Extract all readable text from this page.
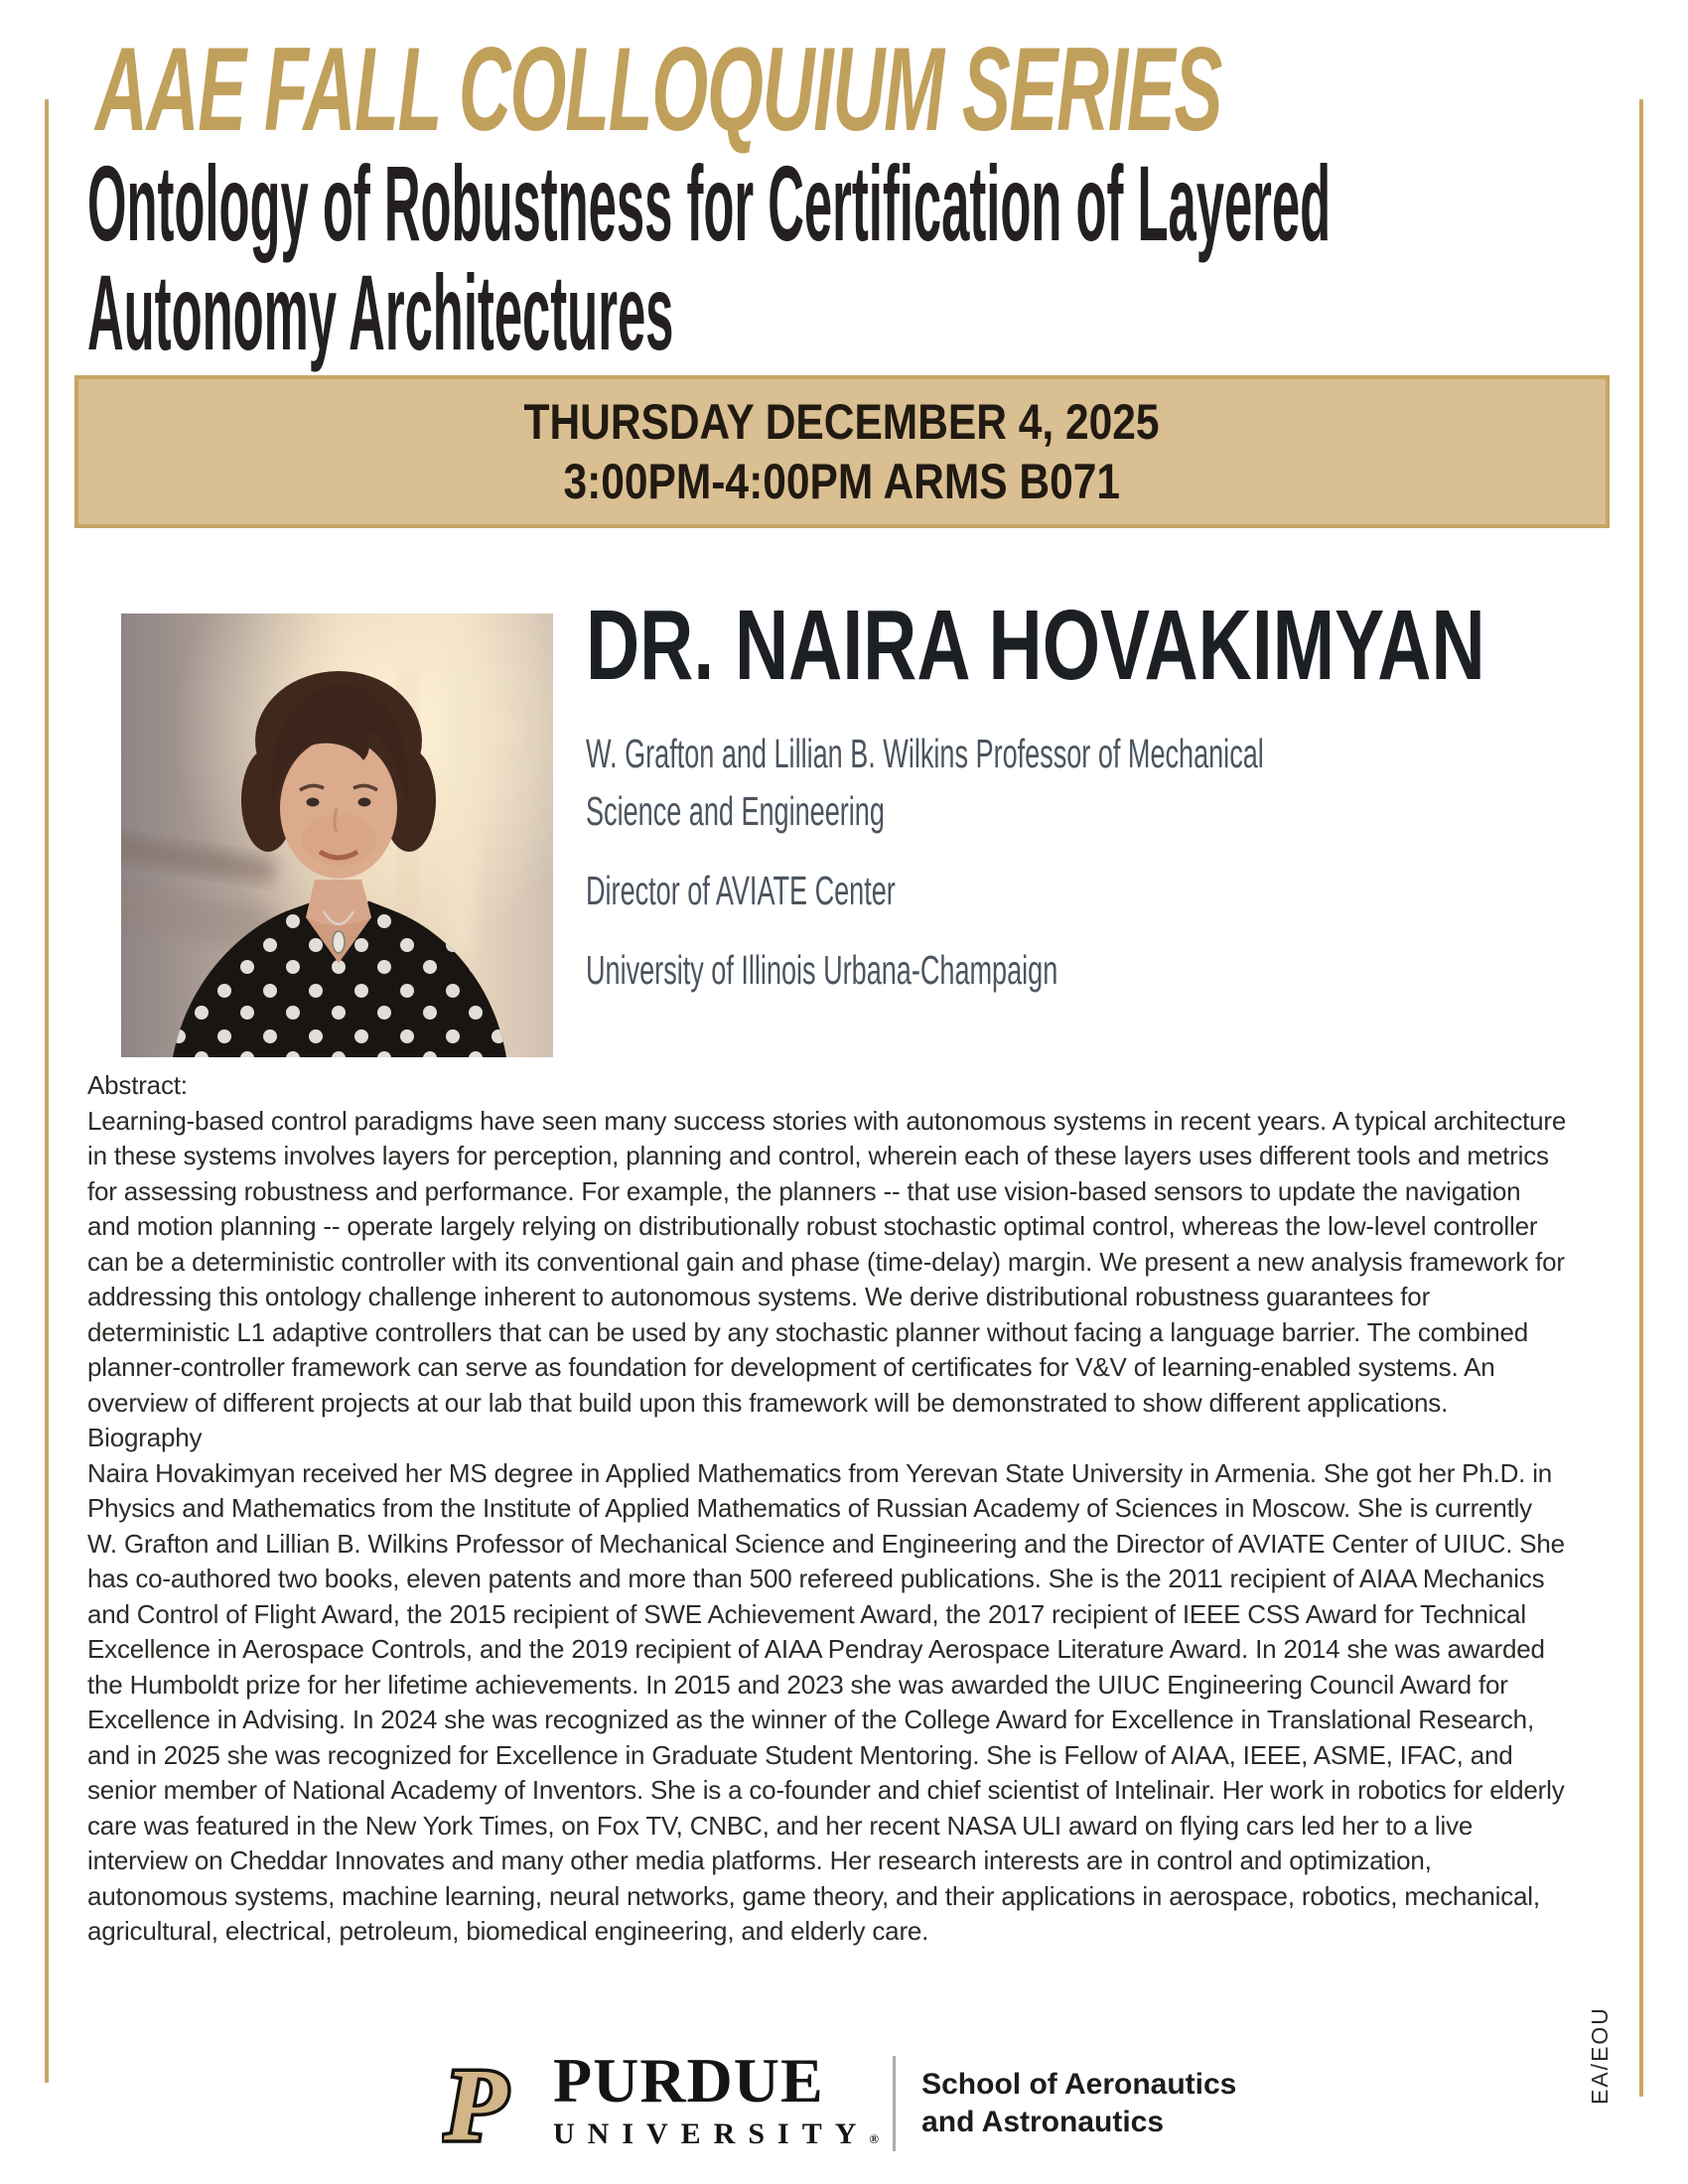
AAE FALL COLLOQUIUM SERIES
Ontology of Robustness for Certification of Layered
Autonomy Architectures
THURSDAY DECEMBER 4, 2025
3:00PM-4:00PM ARMS B071
DR. NAIRA HOVAKIMYAN
W. Grafton and Lillian B. Wilkins Professor of Mechanical
Science and Engineering
Director of AVIATE Center
University of Illinois Urbana-Champaign

Abstract:

Learning-based control paradigms have seen many success stories with autonomous systems in recent years. A typical architecture in these systems involves layers for perception, planning and control, wherein each of these layers uses different tools and metrics for assessing robustness and performance. For example, the planners -- that use vision-based sensors to update the navigation and motion planning -- operate largely relying on distributionally robust stochastic optimal control, whereas the low-level controller can be a deterministic controller with its conventional gain and phase (time-delay) margin. We present a new analysis framework for addressing this ontology challenge inherent to autonomous systems. We derive distributional robustness guarantees for deterministic L1 adaptive controllers that can be used by any stochastic planner without facing a language barrier. The combined planner-controller framework can serve as foundation for development of certificates for V&V of learning-enabled systems. An overview of different projects at our lab that build upon this framework will be demonstrated to show different applications.

Biography

Naira Hovakimyan received her MS degree in Applied Mathematics from Yerevan State University in Armenia. She got her Ph.D. in Physics and Mathematics from the Institute of Applied Mathematics of Russian Academy of Sciences in Moscow. She is currently W. Grafton and Lillian B. Wilkins Professor of Mechanical Science and Engineering and the Director of AVIATE Center of UIUC. She has co-authored two books, eleven patents and more than 500 refereed publications. She is the 2011 recipient of AIAA Mechanics and Control of Flight Award, the 2015 recipient of SWE Achievement Award, the 2017 recipient of IEEE CSS Award for Technical Excellence in Aerospace Controls, and the 2019 recipient of AIAA Pendray Aerospace Literature Award. In 2014 she was awarded the Humboldt prize for her lifetime achievements. In 2015 and 2023 she was awarded the UIUC Engineering Council Award for Excellence in Advising. In 2024 she was recognized as the winner of the College Award for Excellence in Translational Research, and in 2025 she was recognized for Excellence in Graduate Student Mentoring. She is Fellow of AIAA, IEEE, ASME, IFAC, and senior member of National Academy of Inventors. She is a co-founder and chief scientist of Intelinair. Her work in robotics for elderly care was featured in the New York Times, on Fox TV, CNBC, and her recent NASA ULI award on flying cars led her to a live interview on Cheddar Innovates and many other media platforms. Her research interests are in control and optimization, autonomous systems, machine learning, neural networks, game theory, and their applications in aerospace, robotics, mechanical, agricultural, electrical, petroleum, biomedical engineering, and elderly care.

P PURDUE
UNIVERSITY®
School of Aeronautics
and Astronautics
EA/EOU
